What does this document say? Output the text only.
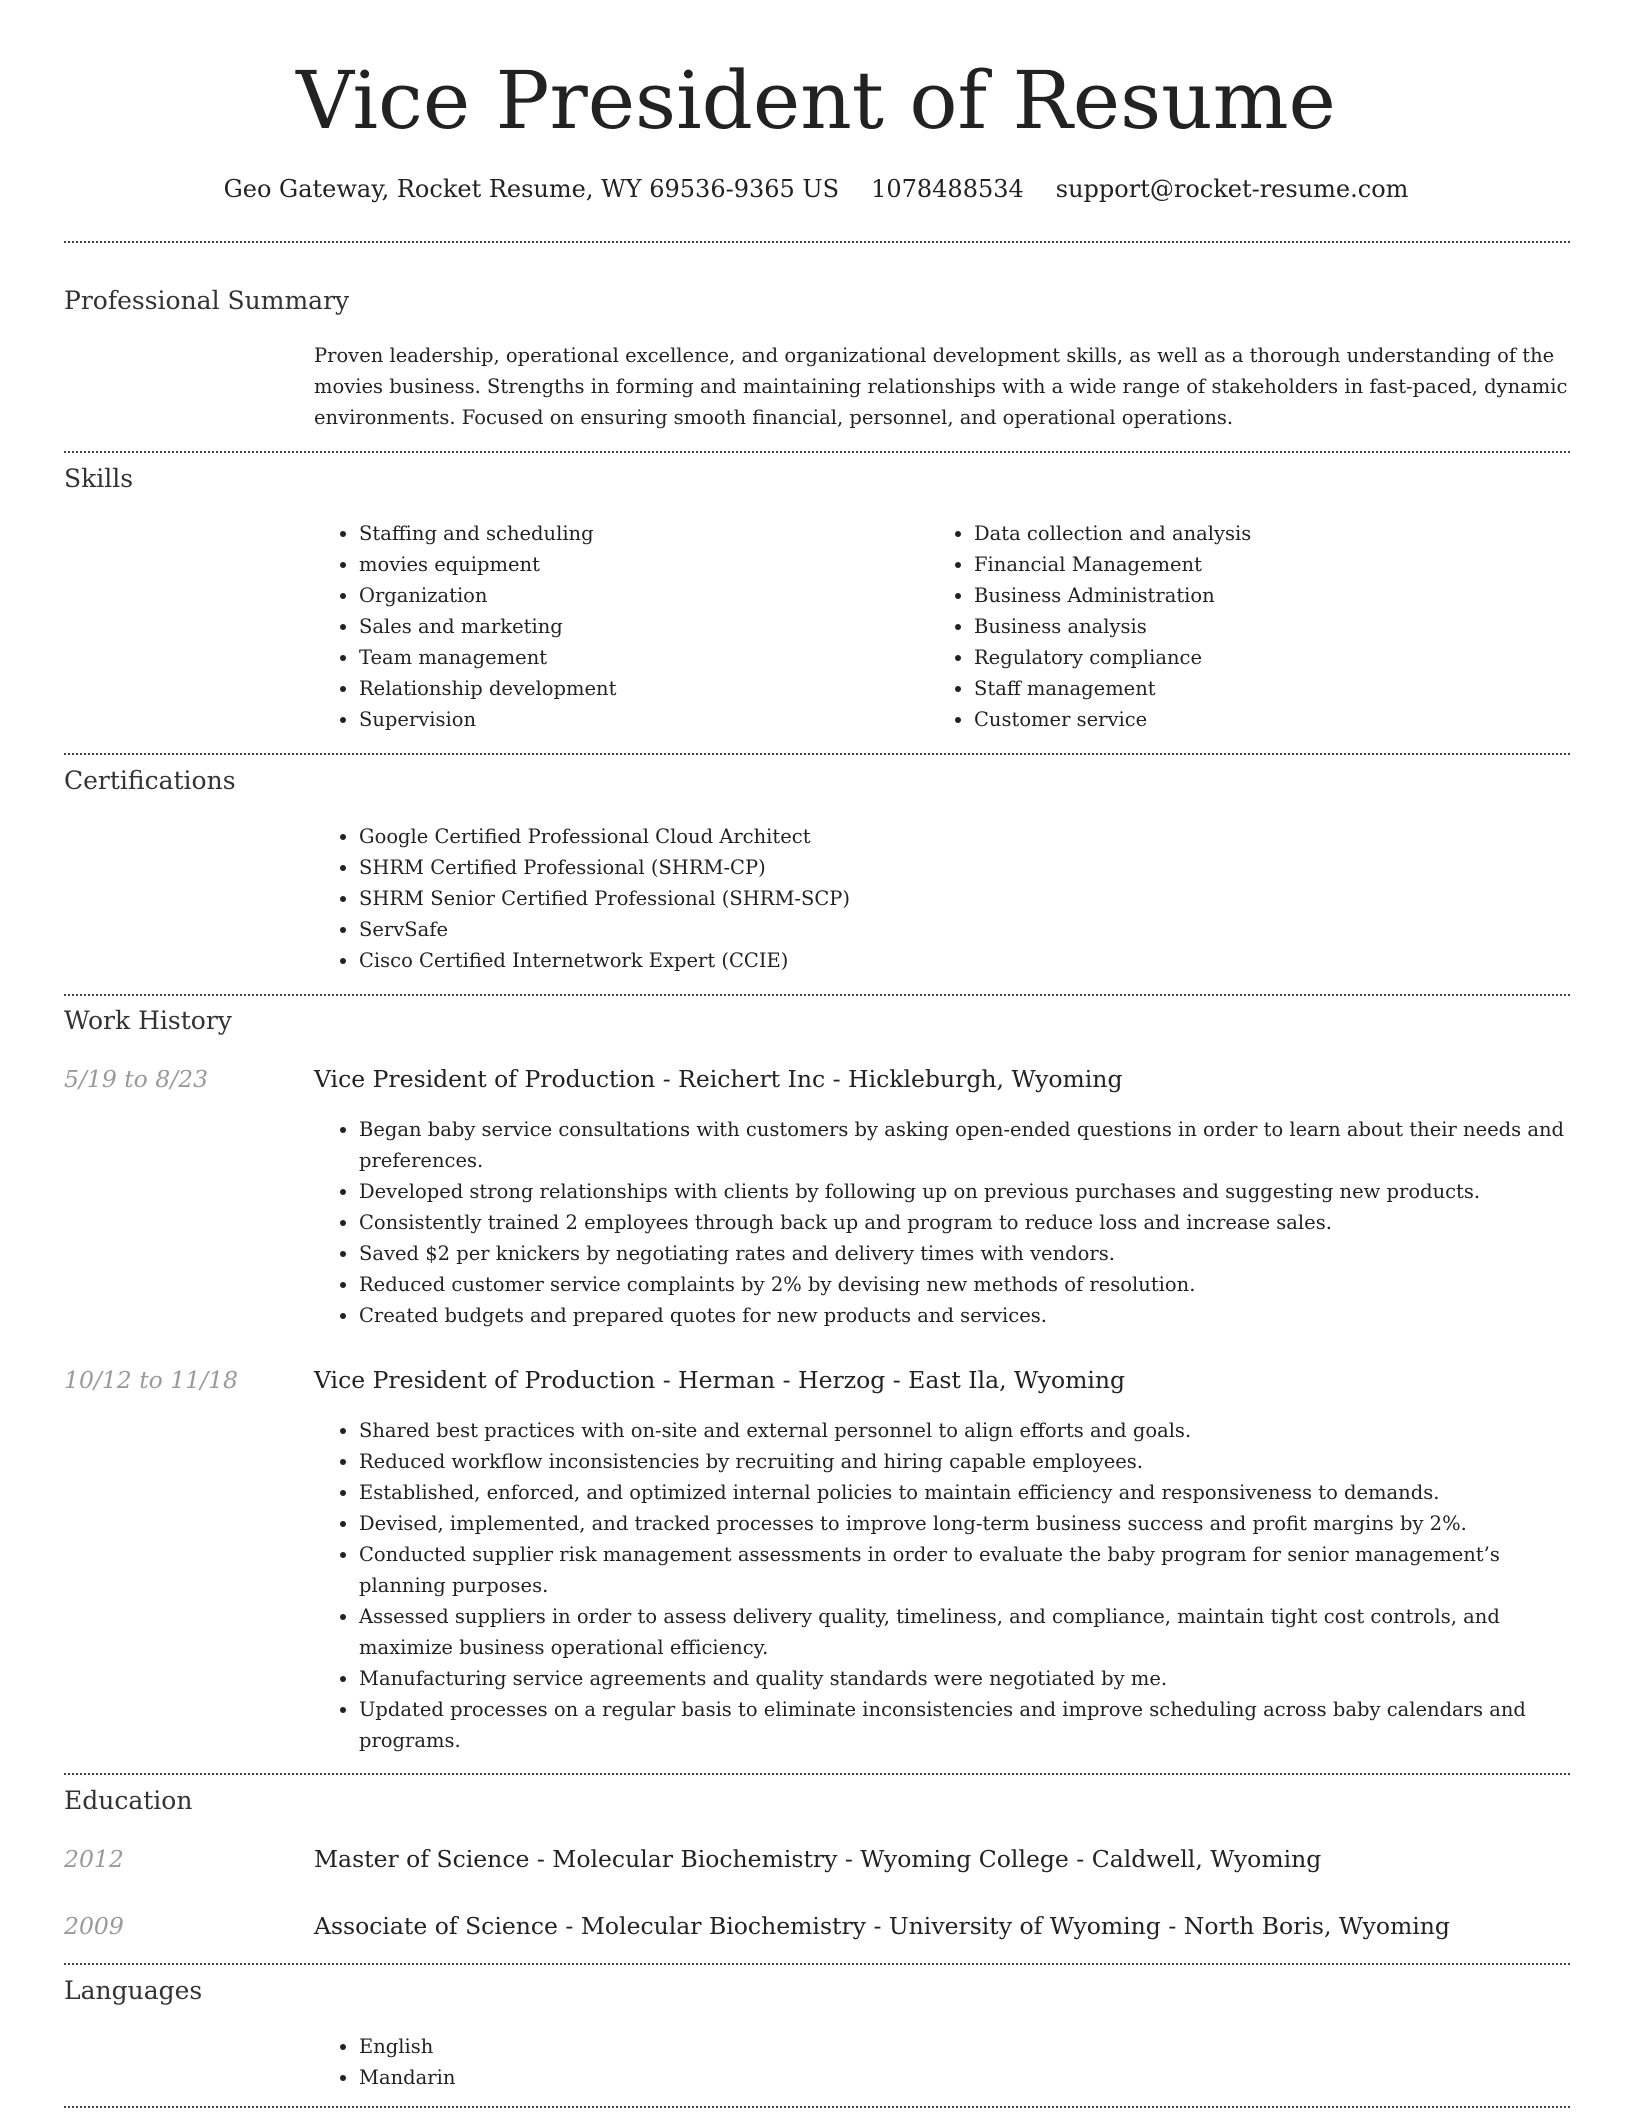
Vice President of Resume
Geo Gateway, Rocket Resume, WY 69536-9365 US 1078488534 support@rocket-resume.com
Professional Summary

Proven leadership, operational excellence, and organizational development skills, as well as a thorough understanding of the movies business. Strengths in forming and maintaining relationships with a wide range of stakeholders in fast-paced, dynamic environments. Focused on ensuring smooth financial, personnel, and operational operations.

Skills
• Staffing and scheduling
• movies equipment
• Organization
• Sales and marketing
• Team management
• Relationship development
• Supervision
• Data collection and analysis
• Financial Management
• Business Administration
• Business analysis
• Regulatory compliance
• Staff management
• Customer service
Certifications
• Google Certified Professional Cloud Architect
• SHRM Certified Professional (SHRM-CP)
• SHRM Senior Certified Professional (SHRM-SCP)
• ServSafe
• Cisco Certified Internetwork Expert (CCIE)
Work History
5/19 to 8/23	Vice President of Production - Reichert Inc - Hickleburgh, Wyoming
• Began baby service consultations with customers by asking open-ended questions in order to learn about their needs and preferences.
• Developed strong relationships with clients by following up on previous purchases and suggesting new products.
• Consistently trained 2 employees through back up and program to reduce loss and increase sales.
• Saved $2 per knickers by negotiating rates and delivery times with vendors.
• Reduced customer service complaints by 2% by devising new methods of resolution.
• Created budgets and prepared quotes for new products and services.
10/12 to 11/18	Vice President of Production - Herman - Herzog - East Ila, Wyoming
• Shared best practices with on-site and external personnel to align efforts and goals.
• Reduced workflow inconsistencies by recruiting and hiring capable employees.
• Established, enforced, and optimized internal policies to maintain efficiency and responsiveness to demands.
• Devised, implemented, and tracked processes to improve long-term business success and profit margins by 2%.
• Conducted supplier risk management assessments in order to evaluate the baby program for senior management’s planning purposes.
• Assessed suppliers in order to assess delivery quality, timeliness, and compliance, maintain tight cost controls, and maximize business operational efficiency.
• Manufacturing service agreements and quality standards were negotiated by me.
• Updated processes on a regular basis to eliminate inconsistencies and improve scheduling across baby calendars and programs.
Education
2012	Master of Science - Molecular Biochemistry - Wyoming College - Caldwell, Wyoming
2009	Associate of Science - Molecular Biochemistry - University of Wyoming - North Boris, Wyoming
Languages
• English
• Mandarin
